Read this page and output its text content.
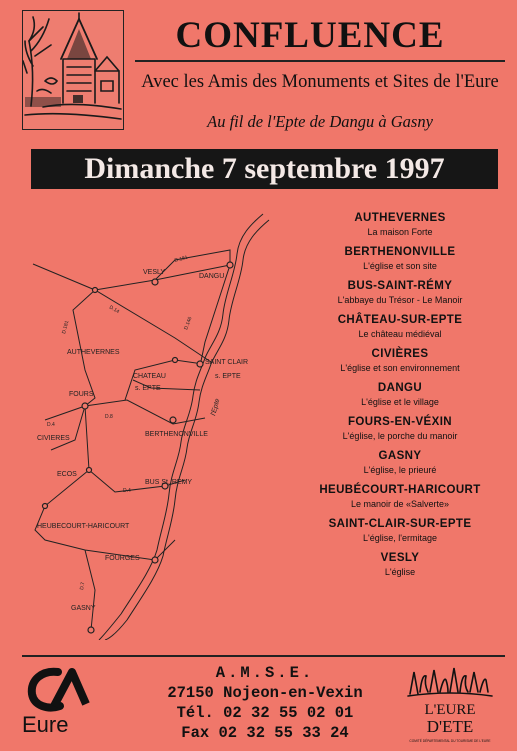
CONFLUENCE
Avec les Amis des Monuments et Sites de l'Eure
Au fil de l'Epte de Dangu à Gasny
Dimanche 7 septembre 1997
VESLY
DANGU
AUTHEVERNES
SAINT CLAIR
s. EPTE
CHATEAU
s. EPTE
FOURS
CIVIERES
BERTHENONVILLE
ECOS
BUS St. REMY
HEUBECOURT-HARICOURT
FOURGES
GASNY
l'Epte
D.181
D.14
D.181	D.146
D.8
D.4
D.4
D.7
AUTHEVERNES
La maison Forte
BERTHENONVILLE
L'église et son site
BUS-SAINT-RÉMY
L'abbaye du Trésor - Le Manoir
CHÂTEAU-SUR-EPTE
Le château médiéval
CIVIÈRES
L'église et son environnement
DANGU
L'église et le village
FOURS-EN-VÉXIN
L'église, le porche du manoir
GASNY
L'église, le prieuré
HEUBÉCOURT-HARICOURT
Le manoir de «Salverte»
SAINT-CLAIR-SUR-EPTE
L'église, l'ermitage
VESLY
L'église
Eure
A.M.S.E.
27150 Nojeon-en-Vexin
Tél. 02 32 55 02 01
Fax 02 32 55 33 24
L'EURE
D'ETE
COMITÉ DÉPARTEMENTAL DU TOURISME DE L'EURE
